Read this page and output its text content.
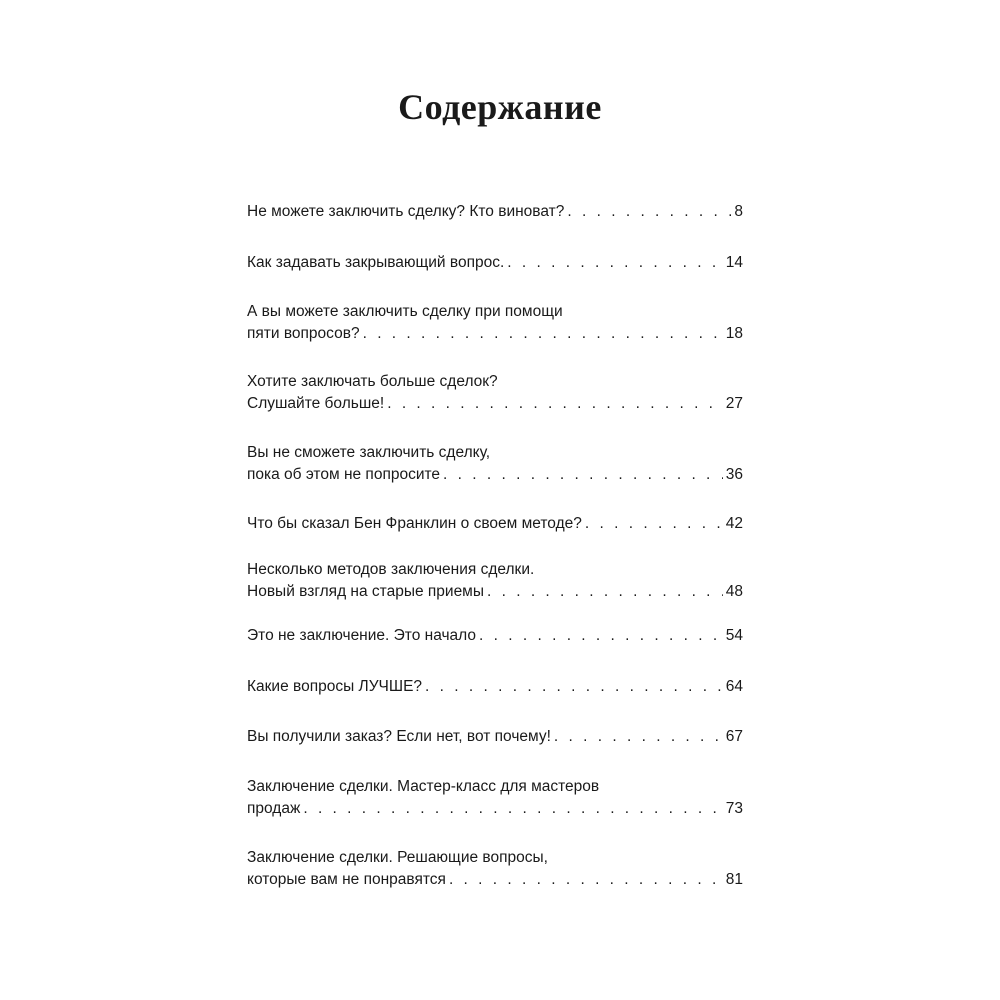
Содержание
Не можете заключить сделку? Кто виноват? . . .	8
Как задавать закрывающий вопрос. . . .	14
А вы можете заключить сделку при помощи
пяти вопросов? . . .	18
Хотите заключать больше сделок?
Слушайте больше! . . .	27
Вы не сможете заключить сделку,
пока об этом не попросите . . .	36
Что бы сказал Бен Франклин о своем методе? . . .	42
Несколько методов заключения сделки.
Новый взгляд на старые приемы . . .	48
Это не заключение. Это начало . . .	54
Какие вопросы ЛУЧШЕ? . . .	64
Вы получили заказ? Если нет, вот почему! . . .	67
Заключение сделки. Мастер-класс для мастеров
продаж . . .	73
Заключение сделки. Решающие вопросы,
которые вам не понравятся . . .	81
